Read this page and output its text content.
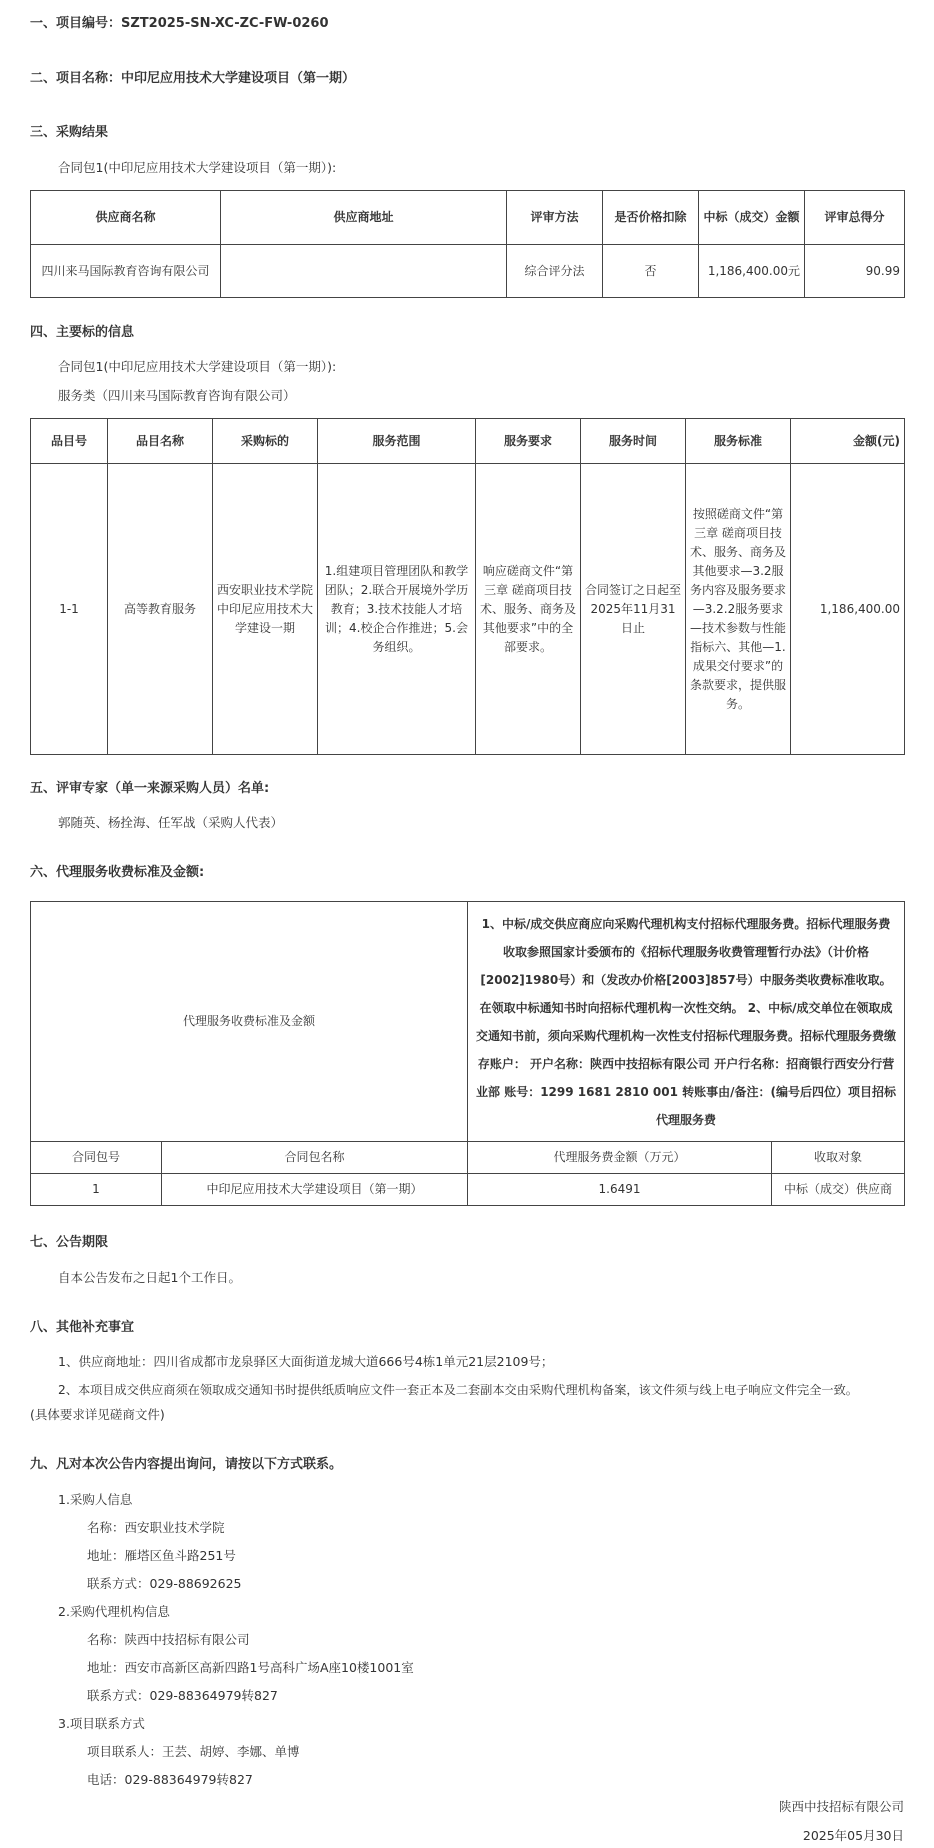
一、项目编号：SZT2025-SN-XC-ZC-FW-0260
二、项目名称：中印尼应用技术大学建设项目（第一期）
三、采购结果
合同包1(中印尼应用技术大学建设项目（第一期）):
供应商名称	供应商地址	评审方法	是否价格扣除	中标（成交）金额	评审总得分
四川来马国际教育咨询有限公司		综合评分法	否	1,186,400.00元	90.99
四、主要标的信息
合同包1(中印尼应用技术大学建设项目（第一期）):
服务类（四川来马国际教育咨询有限公司）
品目号	品目名称	采购标的	服务范围	服务要求	服务时间	服务标准	金额(元)
1-1	高等教育服务	西安职业技术学院中印尼应用技术大学建设一期	1.组建项目管理团队和教学团队；2.联合开展境外学历教育；3.技术技能人才培训；4.校企合作推进；5.会务组织。	响应磋商文件“第三章 磋商项目技术、服务、商务及其他要求”中的全部要求。	合同签订之日起至2025年11月31日止	按照磋商文件“第三章 磋商项目技术、服务、商务及其他要求—3.2服务内容及服务要求—3.2.2服务要求—技术参数与性能指标六、其他—1.成果交付要求”的条款要求，提供服务。	1,186,400.00
五、评审专家（单一来源采购人员）名单:
郭随英、杨拴海、任军战（采购人代表）
六、代理服务收费标准及金额:
代理服务收费标准及金额		1、中标/成交供应商应向采购代理机构支付招标代理服务费。招标代理服务费收取参照国家计委颁布的《招标代理服务收费管理暂行办法》（计价格[2002]1980号）和（发改办价格[2003]857号）中服务类收费标准收取。在领取中标通知书时向招标代理机构一次性交纳。 2、中标/成交单位在领取成交通知书前，须向采购代理机构一次性支付招标代理服务费。招标代理服务费缴存账户： 开户名称：陕西中技招标有限公司 开户行名称：招商银行西安分行营业部 账号：1299 1681 2810 001 转账事由/备注：(编号后四位）项目招标代理服务费	
合同包号	合同包名称	代理服务费金额（万元）	收取对象
1	中印尼应用技术大学建设项目（第一期）	1.6491	中标（成交）供应商
七、公告期限
自本公告发布之日起1个工作日。
八、其他补充事宜
1、供应商地址：四川省成都市龙泉驿区大面街道龙城大道666号4栋1单元21层2109号；
2、本项目成交供应商须在领取成交通知书时提供纸质响应文件一套正本及二套副本交由采购代理机构备案，该文件须与线上电子响应文件完全一致。
(具体要求详见磋商文件)
九、凡对本次公告内容提出询问，请按以下方式联系。
1.采购人信息
名称：西安职业技术学院
地址：雁塔区鱼斗路251号
联系方式：029-88692625
2.采购代理机构信息
名称：陕西中技招标有限公司
地址：西安市高新区高新四路1号高科广场A座10楼1001室
联系方式：029-88364979转827
3.项目联系方式
项目联系人：王芸、胡婷、李娜、单博
电话：029-88364979转827
陕西中技招标有限公司
2025年05月30日
